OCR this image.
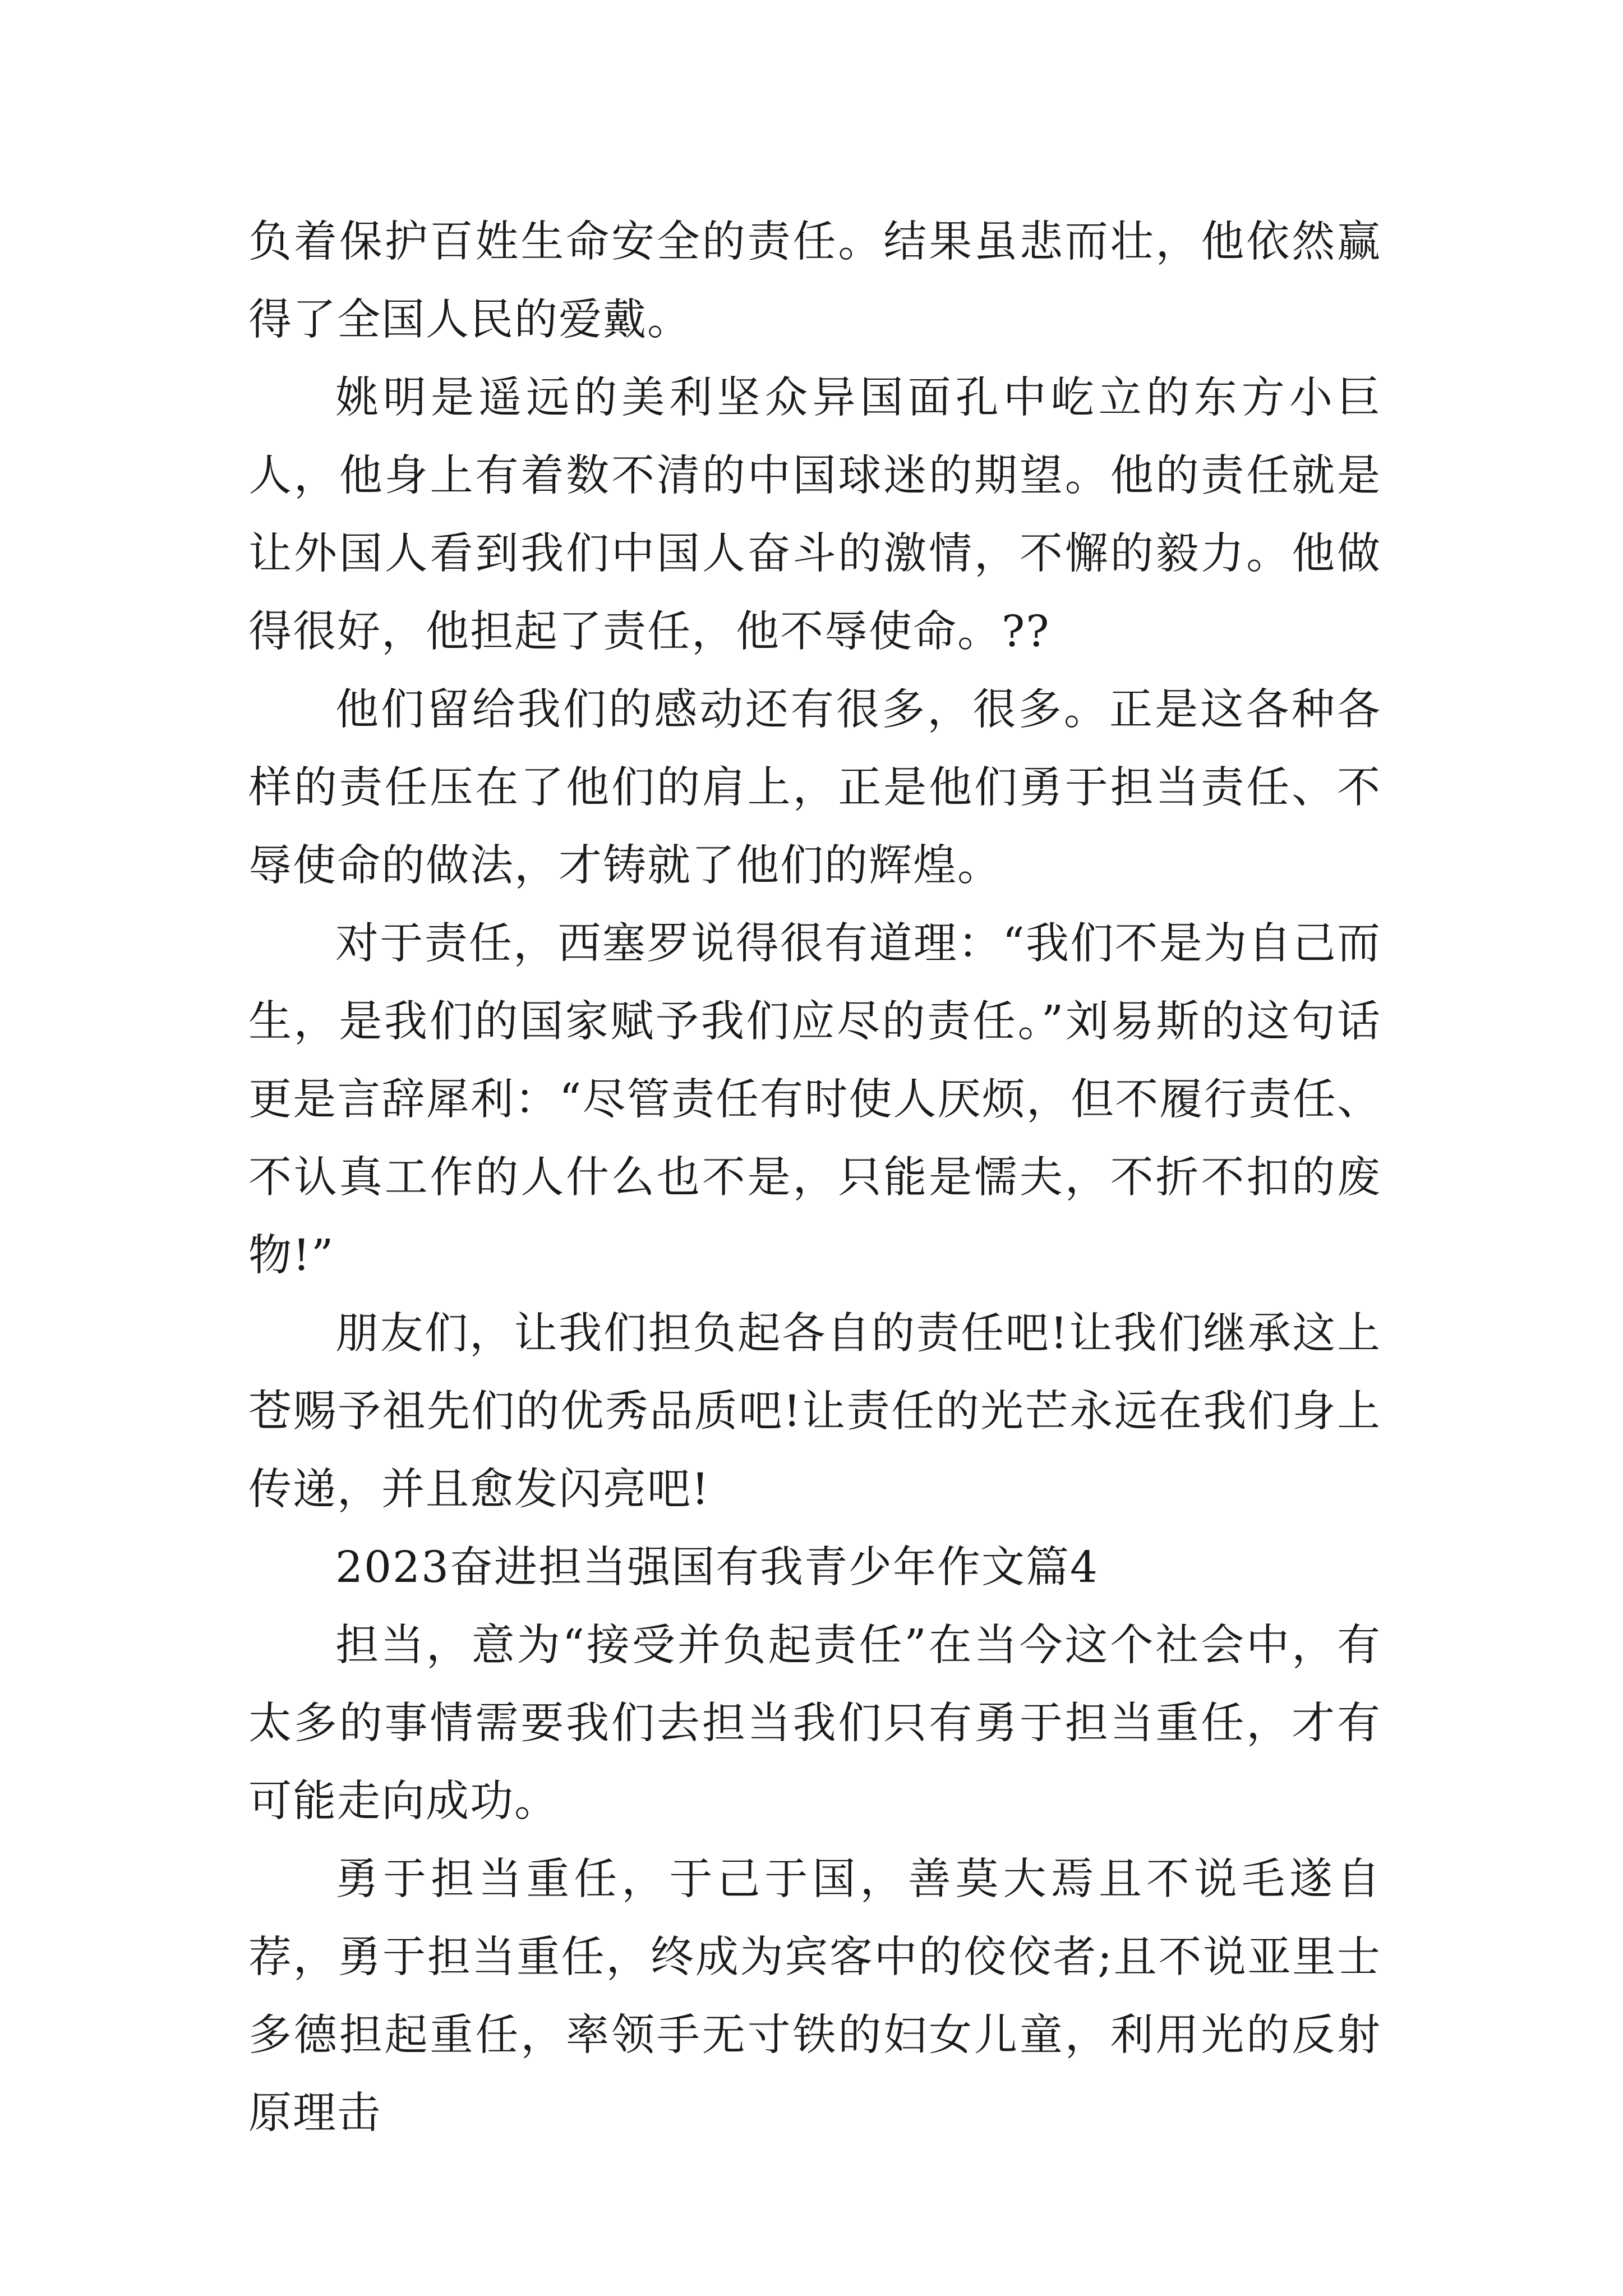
负着保护百姓生命安全的责任。结果虽悲而壮，他依然赢得了全国人民的爱戴。

姚明是遥远的美利坚众异国面孔中屹立的东方小巨人，他身上有着数不清的中国球迷的期望。他的责任就是让外国人看到我们中国人奋斗的激情，不懈的毅力。他做得很好，他担起了责任，他不辱使命。??

他们留给我们的感动还有很多，很多。正是这各种各样的责任压在了他们的肩上，正是他们勇于担当责任、不辱使命的做法，才铸就了他们的辉煌。

对于责任，西塞罗说得很有道理：“我们不是为自己而生，是我们的国家赋予我们应尽的责任。”刘易斯的这句话更是言辞犀利：“尽管责任有时使人厌烦，但不履行责任、不认真工作的人什么也不是，只能是懦夫，不折不扣的废物!”

朋友们，让我们担负起各自的责任吧!让我们继承这上苍赐予祖先们的优秀品质吧!让责任的光芒永远在我们身上传递，并且愈发闪亮吧!

2023奋进担当强国有我青少年作文篇4

担当，意为“接受并负起责任”在当今这个社会中，有太多的事情需要我们去担当我们只有勇于担当重任，才有可能走向成功。

勇于担当重任，于己于国，善莫大焉且不说毛遂自荐，勇于担当重任，终成为宾客中的佼佼者;且不说亚里士多德担起重任，率领手无寸铁的妇女儿童，利用光的反射原理击
